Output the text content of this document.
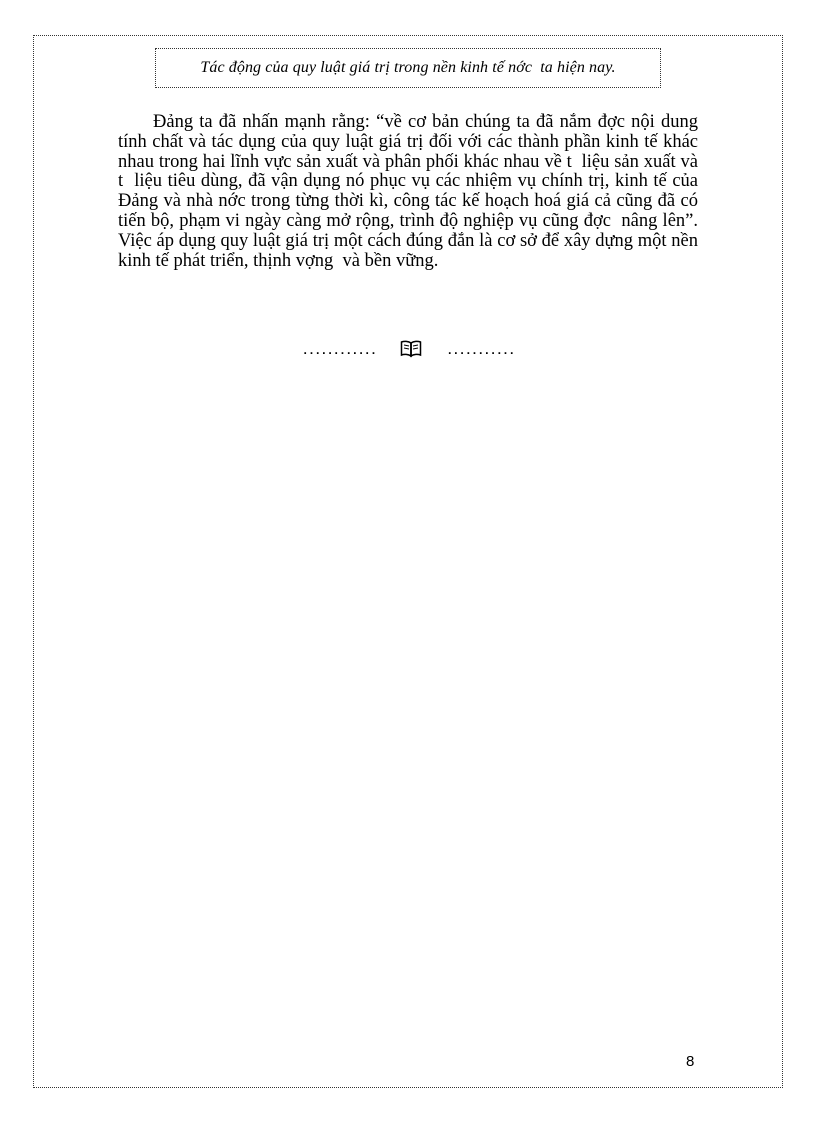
Tác động của quy luật giá trị trong nền kinh tế nớc  ta hiện nay.
Đảng ta đã nhấn mạnh rằng: “về cơ bản chúng ta đã nắm đợc nội dung tính chất và tác dụng của quy luật giá trị đối với các thành phần kinh tế khác nhau trong hai lĩnh vực sản xuất và phân phối khác nhau về t  liệu sản xuất và t  liệu tiêu dùng, đã vận dụng nó phục vụ các nhiệm vụ chính trị, kinh tế của Đảng và nhà nớc trong từng thời kì, công tác kế hoạch hoá giá cả cũng đã có tiến bộ, phạm vi ngày càng mở rộng, trình độ nghiệp vụ cũng đợc  nâng lên”. Việc áp dụng quy luật giá trị một cách đúng đắn là cơ sở để xây dựng một nền kinh tế phát triển, thịnh vợng  và bền vững.
............	...........
8
